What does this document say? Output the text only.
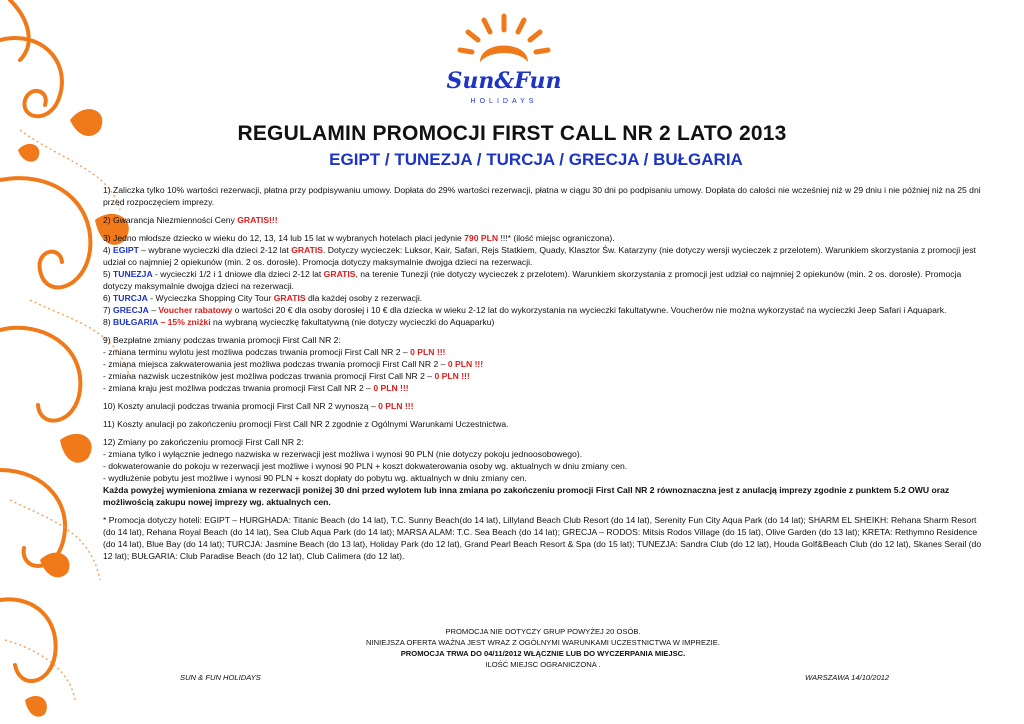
Sun&Fun
HOLIDAYS
REGULAMIN PROMOCJI FIRST CALL NR 2 LATO 2013
EGIPT / TUNEZJA / TURCJA / GRECJA / BUŁGARIA

1) Zaliczka tylko 10% wartości rezerwacji, płatna przy podpisywaniu umowy. Dopłata do 29% wartości rezerwacji, płatna w ciągu 30 dni po podpisaniu umowy. Dopłata do całości nie wcześniej niż w 29 dniu i nie później niż na 25 dni przed rozpoczęciem imprezy.

2) Gwarancja Niezmienności Ceny GRATIS!!!

3) Jedno młodsze dziecko w wieku do 12, 13, 14 lub 15 lat w wybranych hotelach płaci jedynie 790 PLN !!!* (ilość miejsc ograniczona).

4) EGIPT – wybrane wycieczki dla dzieci 2-12 lat GRATIS. Dotyczy wycieczek: Luksor, Kair, Safari, Rejs Statkiem, Quady, Klasztor Św. Katarzyny (nie dotyczy wersji wycieczek z przelotem). Warunkiem skorzystania z promocji jest udział co najmniej 2 opiekunów (min. 2 os. dorosłe). Promocja dotyczy maksymalnie dwojga dzieci na rezerwacji.

5) TUNEZJA - wycieczki 1/2 i 1 dniowe dla dzieci 2-12 lat GRATIS, na terenie Tunezji (nie dotyczy wycieczek z przelotem). Warunkiem skorzystania z promocji jest udział co najmniej 2 opiekunów (min. 2 os. dorosłe). Promocja dotyczy maksymalnie dwojga dzieci na rezerwacji.

6) TURCJA - Wycieczka Shopping City Tour GRATIS dla każdej osoby z rezerwacji.

7) GRECJA – Voucher rabatowy o wartości 20 € dla osoby dorosłej i 10 € dla dziecka w wieku 2-12 lat do wykorzystania na wycieczki fakultatywne. Voucherów nie można wykorzystać na wycieczki Jeep Safari i Aquapark.

8) BUŁGARIA – 15% zniżki na wybraną wycieczkę fakultatywną (nie dotyczy wycieczki do Aquaparku)

9) Bezpłatne zmiany podczas trwania promocji First Call NR 2:
- zmiana terminu wylotu jest możliwa podczas trwania promocji First Call NR 2 – 0 PLN !!!
- zmiana miejsca zakwaterowania jest możliwa podczas trwania promocji First Call NR 2 – 0 PLN !!!
- zmiana nazwisk uczestników jest możliwa podczas trwania promocji First Call NR 2 – 0 PLN !!!
- zmiana kraju jest możliwa podczas trwania promocji First Call NR 2 – 0 PLN !!!

10) Koszty anulacji podczas trwania promocji First Call NR 2 wynoszą – 0 PLN !!!

11) Koszty anulacji po zakończeniu promocji First Call NR 2 zgodnie z Ogólnymi Warunkami Uczestnictwa.

12) Zmiany po zakończeniu promocji First Call NR 2:
- zmiana tylko i wyłącznie jednego nazwiska w rezerwacji jest możliwa i wynosi 90 PLN (nie dotyczy pokoju jednoosobowego).
- dokwaterowanie do pokoju w rezerwacji jest możliwe i wynosi 90 PLN + koszt dokwaterowania osoby wg. aktualnych w dniu zmiany cen.
- wydłużenie pobytu jest możliwe i wynosi 90 PLN + koszt dopłaty do pobytu wg. aktualnych w dniu zmiany cen.
Każda powyżej wymieniona zmiana w rezerwacji poniżej 30 dni przed wylotem lub inna zmiana po zakończeniu promocji First Call NR 2 równoznaczna jest z anulacją imprezy zgodnie z punktem 5.2 OWU oraz możliwością zakupu nowej imprezy wg. aktualnych cen.

* Promocja dotyczy hoteli: EGIPT – HURGHADA: Titanic Beach (do 14 lat), T.C. Sunny Beach(do 14 lat), Lillyland Beach Club Resort (do 14 lat), Serenity Fun City Aqua Park (do 14 lat); SHARM EL SHEIKH: Rehana Sharm Resort (do 14 lat), Rehana Royal Beach (do 14 lat), Sea Club Aqua Park (do 14 lat); MARSA ALAM: T.C. Sea Beach (do 14 lat); GRECJA – RODOS: Mitsis Rodos Village (do 15 lat), Olive Garden (do 13 lat); KRETA: Rethymno Residence (do 14 lat), Blue Bay (do 14 lat); TURCJA: Jasmine Beach (do 13 lat), Holiday Park (do 12 lat), Grand Pearl Beach Resort & Spa (do 15 lat); TUNEZJA: Sandra Club (do 12 lat), Houda Golf&Beach Club (do 12 lat), Skanes Serail (do 12 lat); BUŁGARIA: Club Paradise Beach (do 12 lat), Club Calimera (do 12 lat).

PROMOCJA NIE DOTYCZY GRUP POWYŻEJ 20 OSÓB.
NINIEJSZA OFERTA WAŻNA JEST WRAZ Z OGÓLNYMI WARUNKAMI UCZESTNICTWA W IMPREZIE.
PROMOCJA TRWA DO 04/11/2012 WŁĄCZNIE LUB DO WYCZERPANIA MIEJSC.
ILOŚĆ MIEJSC OGRANICZONA .
SUN & FUN HOLIDAYS	WARSZAWA 14/10/2012
